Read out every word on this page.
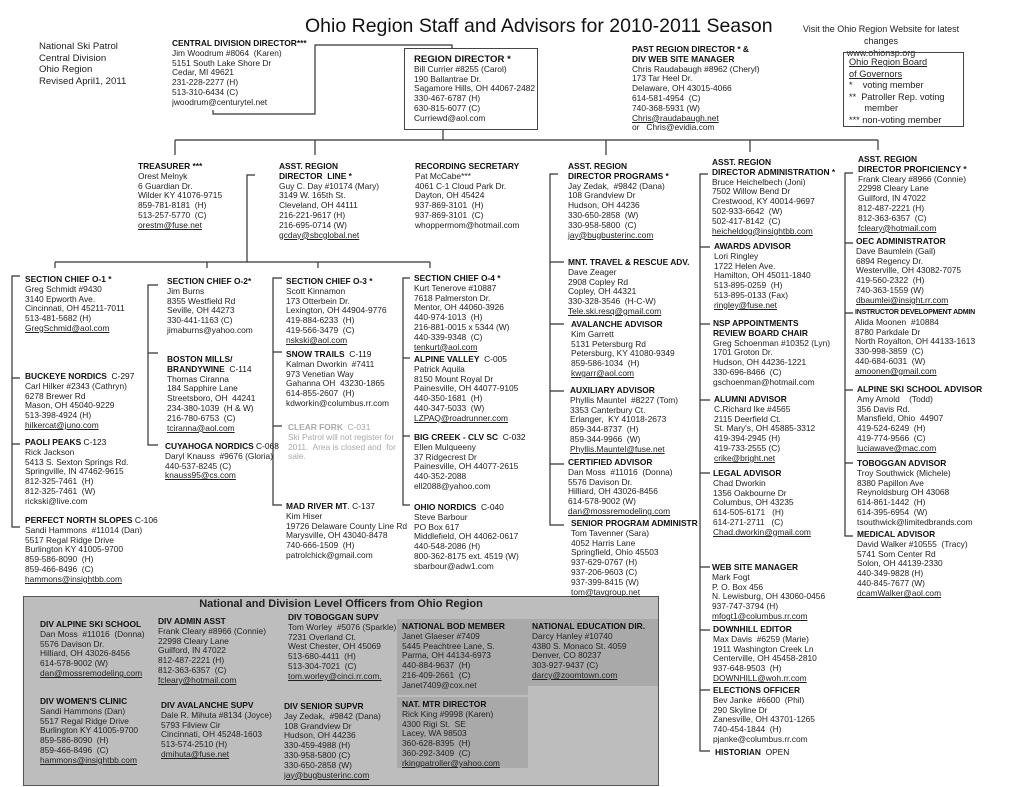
National and Division Level Officers from Ohio Region
Ohio Region Staff and Advisors for 2010-2011 Season
National Ski Patrol
Central Division
Ohio Region
Revised April1, 2011
Visit the Ohio Region Website for latest changes
www.ohionsp.org
Ohio Region Board
of Governors
*    voting member
**  Patroller Rep. voting
member
*** non-voting member
CENTRAL DIVISION DIRECTOR***
Jim Woodrum #8064  (Karen)
5151 South Lake Shore Dr
Cedar, MI 49621
231-228-2277 (H)
513-310-6434 (C)
jwoodrum@centurytel.net
REGION DIRECTOR *
Bill Currier #8255 (Carol)
190 Ballantrae Dr.
Sagamore Hills, OH 44067-2482
330-467-6787 (H)
630-815-6077 (C)
Curriewd@aol.com
PAST REGION DIRECTOR * &
DIV WEB SITE MANAGER
Chris Raudabaugh #8962 (Cheryl)
173 Tar Heel Dr.
Delaware, OH 43015-4066
614-581-4954  (C)
740-368-5931 (W)
Chris@raudabaugh.net
or   Chris@evidia.com
TREASURER ***
Orest Melnyk
6 Guardian Dr.
Wilder KY 41076-9715
859-781-8181  (H)
513-257-5770  (C)
orestm@fuse.net
ASST. REGION
DIRECTOR  LINE *
Guy C. Day #10174 (Mary)
3149 W. 165th St.
Cleveland, OH 44111
216-221-9617 (H)
216-695-0714 (W)
gcday@sbcglobal.net
RECORDING SECRETARY
Pat McCabe***
4061 C-1 Cloud Park Dr.
Dayton, OH 45424
937-869-3101  (H)
937-869-3101  (C)
whoppermom@hotmail.com
ASST. REGION
DIRECTOR PROGRAMS *
Jay Zedak,  #9842 (Dana)
108 Grandview Dr
Hudson, OH 44236
330-650-2858  (W)
330-958-5800  (C)
jay@bugbusterinc.com
ASST. REGION
DIRECTOR ADMINISTRATION *
Bruce Heichelbech (Joni)
7502 Willow Bend Dr
Crestwood, KY 40014-9697
502-933-6642  (W)
502-417-8142  (C)
heicheldog@insightbb.com
ASST. REGION
DIRECTOR PROFICIENCY *
Frank Cleary #8966 (Connie)
22998 Cleary Lane
Guilford, IN 47022
812-487-2221 (H)
812-363-6357  (C)
fcleary@hotmail.com
OEC ADMINISTRATOR
Dave Baumlein (Gail)
6894 Regency Dr.
Westerville, OH 43082-7075
419-560-2322  (H)
740-363-1559 (W)
dbaumlei@insight.rr.com
INSTRUCTOR DEVELOPMENT ADMIN
Alida Moonen  #10884
8780 Parkdale Dr
North Royalton, OH 44133-1613
330-998-3859  (C)
440-684-6031  (W)
amoonen@gmail.com
ALPINE SKI SCHOOL ADVISOR
Amy Arnold    (Todd)
356 Davis Rd.
Mansfield, Ohio  44907
419-524-6249  (H)
419-774-9566  (C)
luciawave@mac.com
TOBOGGAN ADVISOR
Troy Southwick (Michele)
8380 Papillon Ave
Reynoldsburg OH 43068
614-861-1442  (H)
614-395-6954  (W)
tsouthwick@limitedbrands.com
MEDICAL ADVISOR
David Walker #10555  (Tracy)
5741 Som Center Rd
Solon, OH 44139-2330
440-349-9828 (H)
440-845-7677 (W)
dcamWalker@aol.com
AWARDS ADVISOR
Lori Ringley
1722 Helen Ave.
Hamilton, OH 45011-1840
513-895-0259  (H)
513-895-0133 (Fax)
ringley@fuse.net
NSP APPOINTMENTS
REVIEW BOARD CHAIR
Greg Schoenman #10352 (Lyn)
1701 Groton Dr.
Hudson, OH 44236-1221
330-696-8466  (C)
gschoenman@hotmail.com
ALUMNI ADVISOR
C.Richard Ike #4565
2115 Deerfield Ct.
St. Mary's, OH 45885-3312
419-394-2945 (H)
419-733-2555 (C)
crike@bright.net
LEGAL ADVISOR
Chad Dworkin
1356 Oakbourne Dr
Columbus, OH 43235
614-505-6171   (H)
614-271-2711   (C)
Chad.dworkin@gmail.com
WEB SITE MANAGER
Mark Fogt
P. O. Box 456
N. Lewisburg, OH 43060-0456
937-747-3794 (H)
mfogt1@columbus.rr.com
DOWNHILL EDITOR
Max Davis  #6259 (Marie)
1911 Washington Creek Ln
Centerville, OH 45458-2810
937-648-9503  (H)
DOWNHILL@woh.rr.com
ELECTIONS OFFICER
Bev Janke  #6600  (Phil)
290 Skyline Dr
Zanesville, OH 43701-1265
740-454-1844  (H)
pjanke@columbus.rr.com
HISTORIAN  OPEN
MNT. TRAVEL & RESCUE ADV.
Dave Zeager
2908 Copley Rd
Copley, OH 44321
330-328-3546  (H-C-W)
Tele.ski.resq@gmail.com
AVALANCHE ADVISOR
Kim Garrett
5131 Petersburg Rd
Petersburg, KY 41080-9349
859-586-1034  (H)
kwgarr@aol.com
AUXILIARY ADVISOR
Phyllis Mauntel  #8227 (Tom)
3353 Canterbury Ct.
Erlanger,  KY 41018-2673
859-344-8737  (H)
859-344-9966  (W)
Phyllis.Mauntel@fuse.net
CERTIFIED ADVISOR
Dan Moss  #11016  (Donna)
5576 Davison Dr.
Hilliard, OH 43026-8456
614-578-9002 (W)
dan@mossremodeling.com
SENIOR PROGRAM ADMINISTR
Tom Tavenner (Sara)
4052 Harris Lane
Springfield, Ohio 45503
937-629-0767 (H)
937-206-9603 (C)
937-399-8415 (W)
tom@tavgroup.net
SECTION CHIEF O-1 *
Greg Schmidt #9430
3140 Epworth Ave.
Cincinnati, OH 45211-7011
513-481-5682 (H)
GregSchmid@aol.com
BUCKEYE NORDICS  C-297
Carl Hilker #2343 (Cathryn)
6278 Brewer Rd
Mason, OH 45040-9229
513-398-4924 (H)
hilkercat@juno.com
PAOLI PEAKS C-123
Rick Jackson
5413 S. Sexton Springs Rd.
Springville, IN 47462-9615
812-325-7461  (H)
812-325-7461  (W)
rickski@live.com
PERFECT NORTH SLOPES C-106
Sandi Hammons  #11014 (Dan)
5517 Regal Ridge Drive
Burlington KY 41005-9700
859-586-8090  (H)
859-466-8496  (C)
hammons@insightbb.com
SECTION CHIEF O-2*
Jim Burns
8355 Westfield Rd
Seville, OH 44273
330-441-1163 (C)
jimaburns@yahoo.com
BOSTON MILLS/
BRANDYWINE  C-114
Thomas Ciranna
184 Sapphire Lane
Streetsboro, OH  44241
234-380-1039  (H & W)
216-780-6753  (C)
tciranna@aol.com
CUYAHOGA NORDICS C-068
Daryl Knauss  #9676 (Gloria)
440-537-8245 (C)
knauss95@cs.com
SECTION CHIEF O-3 *
Scott Kinnamon
173 Otterbein Dr.
Lexington, OH 44904-9776
419-884-6233  (H)
419-566-3479  (C)
nskski@aol.com
SNOW TRAILS  C-119
Kalman Dworkin  #7411
973 Venetian Way
Gahanna OH  43230-1865
614-855-2607  (H)
kdworkin@columbus.rr.com
CLEAR FORK  C-031
Ski Patrol will not register for
2011.  Area is closed and  for
sale.
MAD RIVER MT. C-137
Kim Hiser
19726 Delaware County Line Rd
Marysville, OH 43040-8478
740-666-1509  (H)
patrolchick@gmail.com
SECTION CHIEF O-4 *
Kurt Tenerove #10887
7618 Palmerston Dr.
Mentor, OH 44060-3926
440-974-1013  (H)
216-881-0015 x 5344 (W)
440-339-9348  (C)
tenkurt@aol.com
ALPINE VALLEY  C-005
Patrick Aquila
8150 Mount Royal Dr
Painesville, OH 44077-9105
440-350-1681  (H)
440-347-5033  (W)
LZPAQ@roadrunner.com
BIG CREEK - CLV SC  C-032
Ellen Mulqueeny
37 Ridgecrest Dr
Painesville, OH 44077-2615
440-352-2088
ell2088@yahoo.com
OHIO NORDICS  C-040
Steve Barbour
PO Box 617
Middlefield, OH 44062-0617
440-548-2086 (H)
800-362-8175 ext. 4519 (W)
sbarbour@adw1.com
DIV ALPINE SKI SCHOOL
Dan Moss  #11016  (Donna)
5576 Davison Dr.
Hilliard, OH 43026-8456
614-578-9002 (W)
dan@mossremodeling.com
DIV ADMIN ASST
Frank Cleary #8966 (Connie)
22998 Cleary Lane
Guilford, IN 47022
812-487-2221 (H)
812-363-6357  (C)
fcleary@hotmail.com
DIV TOBOGGAN SUPV
Tom Worley  #5076 (Sparkle)
7231 Overland Ct.
West Chester, OH 45069
513-680-4411  (H)
513-304-7021  (C)
tom.worley@cinci.rr.com.
NATIONAL BOD MEMBER
Janet Glaeser #7409
5445 Peachtree Lane, S.
Parma, OH 44134-6973
440-884-9637  (H)
216-409-2661  (C)
Janet7409@cox.net
NATIONAL EDUCATION DIR.
Darcy Hanley #10740
4380 S. Monaco St. 4059
Denver, CO 80237
303-927-9437 (C)
darcy@zoomtown.com
DIV WOMEN'S CLINIC
Sandi Hammons (Dan)
5517 Regal Ridge Drive
Burlington KY 41005-9700
859-586-8090  (H)
859-466-8496  (C)
hammons@insightbb.com
DIV AVALANCHE SUPV
Dale R. Mihuta #8134 (Joyce)
5793 Filview Cir
Cincinnati, OH 45248-1603
513-574-2510 (H)
dmihuta@fuse.net
DIV SENIOR SUPVR
Jay Zedak,  #9842 (Dana)
108 Grandview Dr
Hudson, OH 44236
330-459-4988 (H)
330-958-5800 (C)
330-650-2858 (W)
jay@bugbusterinc.com
NAT. MTR DIRECTOR
Rick King #9998 (Karen)
4300 Rigi St.  SE
Lacey, WA 98503
360-628-8395  (H)
360-292-3409  (C)
rkingpatroller@yahoo.com
